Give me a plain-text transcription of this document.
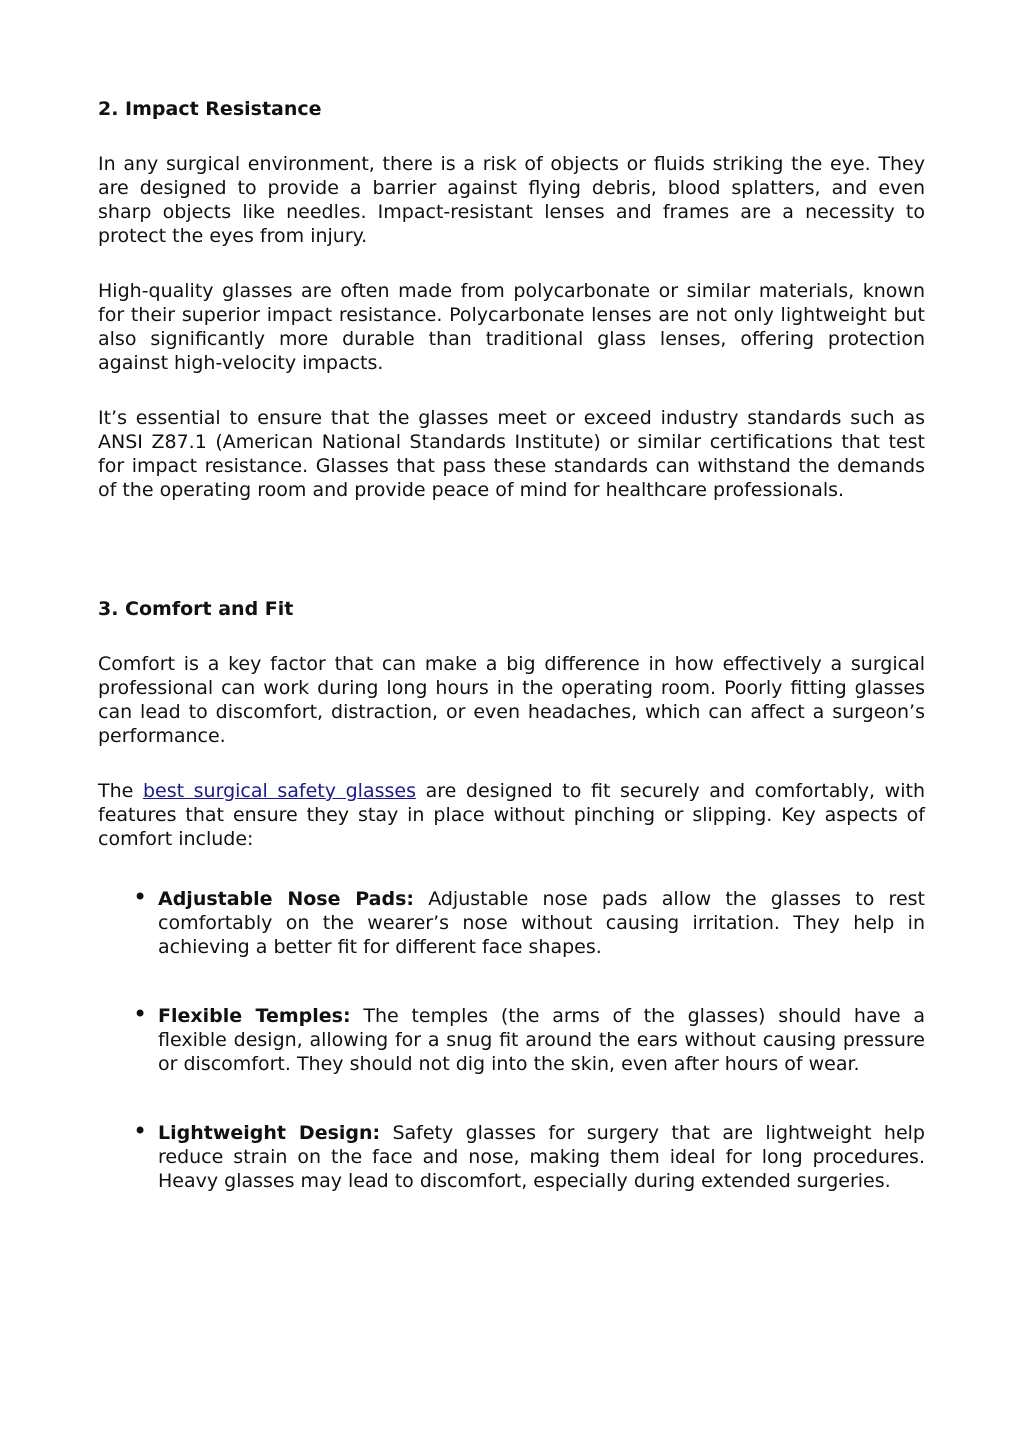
2. Impact Resistance

In any surgical environment, there is a risk of objects or fluids striking the eye. They are designed to provide a barrier against flying debris, blood splatters, and even sharp objects like needles. Impact-resistant lenses and frames are a necessity to protect the eyes from injury.

High-quality glasses are often made from polycarbonate or similar materials, known for their superior impact resistance. Polycarbonate lenses are not only lightweight but also significantly more durable than traditional glass lenses, offering protection against high-velocity impacts.

It’s essential to ensure that the glasses meet or exceed industry standards such as ANSI Z87.1 (American National Standards Institute) or similar certifications that test for impact resistance. Glasses that pass these standards can withstand the demands of the operating room and provide peace of mind for healthcare professionals.

3. Comfort and Fit

Comfort is a key factor that can make a big difference in how effectively a surgical professional can work during long hours in the operating room. Poorly fitting glasses can lead to discomfort, distraction, or even headaches, which can affect a surgeon’s performance.

The best surgical safety glasses are designed to fit securely and comfortably, with features that ensure they stay in place without pinching or slipping. Key aspects of comfort include:

• Adjustable Nose Pads: Adjustable nose pads allow the glasses to rest comfortably on the wearer’s nose without causing irritation. They help in achieving a better fit for different face shapes.
• Flexible Temples: The temples (the arms of the glasses) should have a flexible design, allowing for a snug fit around the ears without causing pressure or discomfort. They should not dig into the skin, even after hours of wear.
• Lightweight Design: Safety glasses for surgery that are lightweight help reduce strain on the face and nose, making them ideal for long procedures. Heavy glasses may lead to discomfort, especially during extended surgeries.
